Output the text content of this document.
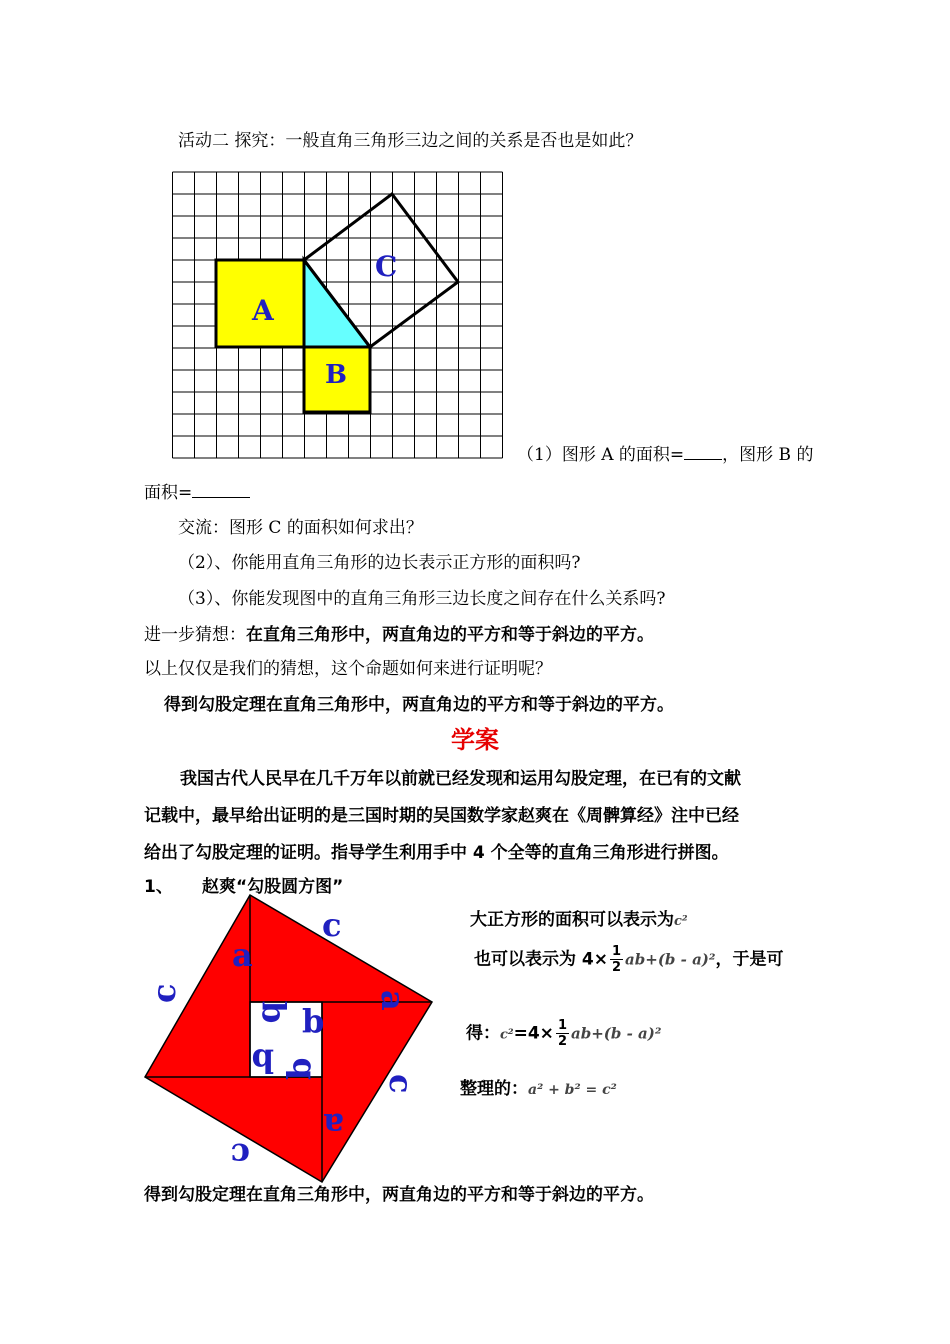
活动二 探究：一般直角三角形三边之间的关系是否也是如此？
A
B
C
（1）图形 A 的面积= ，图形 B 的
面积=
交流：图形 C 的面积如何求出？
（2）、你能用直角三角形的边长表示正方形的面积吗?
（3）、你能发现图中的直角三角形三边长度之间存在什么关系吗?
进一步猜想：在直角三角形中，两直角边的平方和等于斜边的平方。
以上仅仅是我们的猜想，这个命题如何来进行证明呢？
得到勾股定理在直角三角形中，两直角边的平方和等于斜边的平方。
学案
我国古代人民早在几千万年以前就已经发现和运用勾股定理，在已有的文献
记载中，最早给出证明的是三国时期的吴国数学家赵爽在《周髀算经》注中已经
给出了勾股定理的证明。指导学生利用手中 4 个全等的直角三角形进行拼图。
1、 赵爽“勾股圆方图”
a
c
c	a
b b
b b
c
a
c
大正方形的面积可以表示为c²
也可以表示为 $4\times \frac{1}{2} ab+(b - a)^2$，于是可
得：$c^2=4\times \frac{1}{2} ab+(b - a)^2$
整理的：a² + b² = c²
得到勾股定理在直角三角形中，两直角边的平方和等于斜边的平方。
